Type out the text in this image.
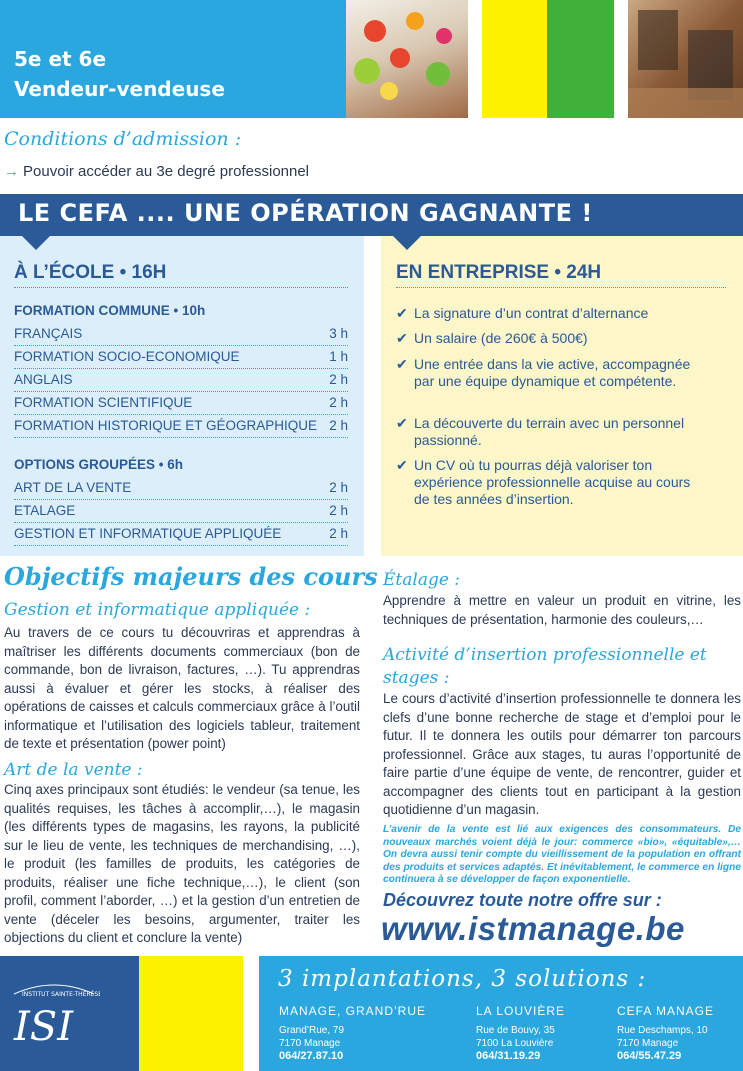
5e et 6e
Vendeur-vendeuse
Conditions d’admission :
→ Pouvoir accéder au 3e degré professionnel
LE CEFA .... UNE OPÉRATION GAGNANTE !
À L’ÉCOLE • 16H
FORMATION COMMUNE • 10h
FRANÇAIS	3 h
FORMATION SOCIO-ECONOMIQUE	1 h
ANGLAIS	2 h
FORMATION SCIENTIFIQUE	2 h
FORMATION HISTORIQUE ET GÉOGRAPHIQUE 2 h
OPTIONS GROUPÉES • 6h
ART DE LA VENTE	2 h
ETALAGE	2 h
GESTION ET INFORMATIQUE APPLIQUÉE	2 h
EN ENTREPRISE • 24H
✔ La signature d’un contrat d’alternance
✔ Un salaire (de 260€ à 500€)
✔ Une entrée dans la vie active, accompagnée par une équipe dynamique et compétente.
✔ La découverte du terrain avec un personnel passionné.
✔ Un CV où tu pourras déjà valoriser ton expérience professionnelle acquise au cours de tes années d’insertion.
Objectifs majeurs des cours
Gestion et informatique appliquée :
Au travers de ce cours tu découvriras et apprendras à maîtriser les différents documents commerciaux (bon de commande, bon de livraison, factures, …). Tu apprendras aussi à évaluer et gérer les stocks, à réaliser des opérations de caisses et calculs commerciaux grâce à l’outil informatique et l’utilisation des logiciels tableur, traitement de texte et présentation (power point)
Art de la vente :
Cinq axes principaux sont étudiés: le vendeur (sa tenue, les qualités requises, les tâches à accomplir,…), le magasin (les différents types de magasins, les rayons, la publicité sur le lieu de vente, les techniques de merchandising, …), le produit (les familles de produits, les catégories de produits, réaliser une fiche technique,…), le client (son profil, comment l’aborder, …) et la gestion d’un entretien de vente (déceler les besoins, argumenter, traiter les objections du client et conclure la vente)
Étalage :
Apprendre à mettre en valeur un produit en vitrine, les techniques de présentation, harmonie des couleurs,…
Activité d’insertion professionnelle et stages :
Le cours d’activité d’insertion professionnelle te donnera les clefs d’une bonne recherche de stage et d’emploi pour le futur. Il te donnera les outils pour démarrer ton parcours professionnel. Grâce aux stages, tu auras l’opportunité de faire partie d’une équipe de vente, de rencontrer, guider et accompagner des clients tout en participant à la gestion quotidienne d’un magasin.
L’avenir de la vente est lié aux exigences des consommateurs. De nouveaux marchés voient déjà le jour: commerce «bio», «équitable»,… On devra aussi tenir compte du vieillissement de la population en offrant des produits et services adaptés. Et inévitablement, le commerce en ligne continuera à se développer de façon exponentielle.
Découvrez toute notre offre sur :
www.istmanage.be
INSTITUT SAINTE-THÉRÈSE
ISI
3 implantations, 3 solutions :
MANAGE, GRAND’RUE
Grand’Rue, 79
7170 Manage
064/27.87.10
LA LOUVIÈRE
Rue de Bouvy, 35
7100 La Louvière
064/31.19.29
CEFA MANAGE
Rue Deschamps, 10
7170 Manage
064/55.47.29
